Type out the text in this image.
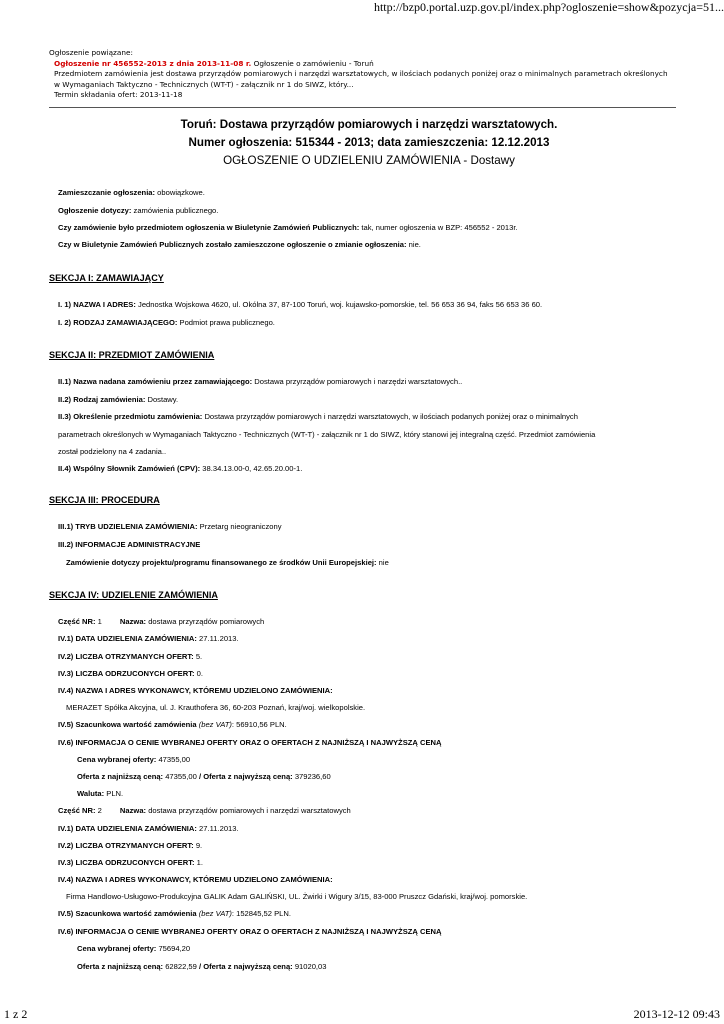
http://bzp0.portal.uzp.gov.pl/index.php?ogloszenie=show&pozycja=51...
Ogłoszenie powiązane:
Ogłoszenie nr 456552-2013 z dnia 2013-11-08 r. Ogłoszenie o zamówieniu - Toruń
Przedmiotem zamówienia jest dostawa przyrządów pomiarowych i narzędzi warsztatowych, w ilościach podanych poniżej oraz o minimalnych parametrach określonych
w Wymaganiach Taktyczno - Technicznych (WT-T) - załącznik nr 1 do SIWZ, który...
Termin składania ofert: 2013-11-18
Toruń: Dostawa przyrządów pomiarowych i narzędzi warsztatowych.
Numer ogłoszenia: 515344 - 2013; data zamieszczenia: 12.12.2013
OGŁOSZENIE O UDZIELENIU ZAMÓWIENIA - Dostawy
Zamieszczanie ogłoszenia: obowiązkowe.
Ogłoszenie dotyczy: zamówienia publicznego.
Czy zamówienie było przedmiotem ogłoszenia w Biuletynie Zamówień Publicznych: tak, numer ogłoszenia w BZP: 456552 - 2013r.
Czy w Biuletynie Zamówień Publicznych zostało zamieszczone ogłoszenie o zmianie ogłoszenia: nie.
SEKCJA I: ZAMAWIAJĄCY
I. 1) NAZWA I ADRES: Jednostka Wojskowa 4620, ul. Okólna 37, 87-100 Toruń, woj. kujawsko-pomorskie, tel. 56 653 36 94, faks 56 653 36 60.
I. 2) RODZAJ ZAMAWIAJĄCEGO: Podmiot prawa publicznego.
SEKCJA II: PRZEDMIOT ZAMÓWIENIA
II.1) Nazwa nadana zamówieniu przez zamawiającego: Dostawa przyrządów pomiarowych i narzędzi warsztatowych..
II.2) Rodzaj zamówienia: Dostawy.
II.3) Określenie przedmiotu zamówienia: Dostawa przyrządów pomiarowych i narzędzi warsztatowych, w ilościach podanych poniżej oraz o minimalnych
parametrach określonych w Wymaganiach Taktyczno - Technicznych (WT-T) - załącznik nr 1 do SIWZ, który stanowi jej integralną część. Przedmiot zamówienia
został podzielony na 4 zadania..
II.4) Wspólny Słownik Zamówień (CPV): 38.34.13.00-0, 42.65.20.00-1.
SEKCJA III: PROCEDURA
III.1) TRYB UDZIELENIA ZAMÓWIENIA: Przetarg nieograniczony
III.2) INFORMACJE ADMINISTRACYJNE
Zamówienie dotyczy projektu/programu finansowanego ze środków Unii Europejskiej: nie
SEKCJA IV: UDZIELENIE ZAMÓWIENIA
Część NR: 1 Nazwa: dostawa przyrządów pomiarowych
IV.1) DATA UDZIELENIA ZAMÓWIENIA: 27.11.2013.
IV.2) LICZBA OTRZYMANYCH OFERT: 5.
IV.3) LICZBA ODRZUCONYCH OFERT: 0.
IV.4) NAZWA I ADRES WYKONAWCY, KTÓREMU UDZIELONO ZAMÓWIENIA:
MERAZET Spółka Akcyjna, ul. J. Krauthofera 36, 60-203 Poznań, kraj/woj. wielkopolskie.
IV.5) Szacunkowa wartość zamówienia (bez VAT): 56910,56 PLN.
IV.6) INFORMACJA O CENIE WYBRANEJ OFERTY ORAZ O OFERTACH Z NAJNIŻSZĄ I NAJWYŻSZĄ CENĄ
Cena wybranej oferty: 47355,00
Oferta z najniższą ceną: 47355,00 / Oferta z najwyższą ceną: 379236,60
Waluta: PLN.
Część NR: 2 Nazwa: dostawa przyrządów pomiarowych i narzędzi warsztatowych
IV.1) DATA UDZIELENIA ZAMÓWIENIA: 27.11.2013.
IV.2) LICZBA OTRZYMANYCH OFERT: 9.
IV.3) LICZBA ODRZUCONYCH OFERT: 1.
IV.4) NAZWA I ADRES WYKONAWCY, KTÓREMU UDZIELONO ZAMÓWIENIA:
Firma Handlowo-Usługowo-Produkcyjna GALIK Adam GALIŃSKI, UL. Żwirki i Wigury 3/15, 83-000 Pruszcz Gdański, kraj/woj. pomorskie.
IV.5) Szacunkowa wartość zamówienia (bez VAT): 152845,52 PLN.
IV.6) INFORMACJA O CENIE WYBRANEJ OFERTY ORAZ O OFERTACH Z NAJNIŻSZĄ I NAJWYŻSZĄ CENĄ
Cena wybranej oferty: 75694,20
Oferta z najniższą ceną: 62822,59 / Oferta z najwyższą ceną: 91020,03
1 z 2	2013-12-12 09:43
